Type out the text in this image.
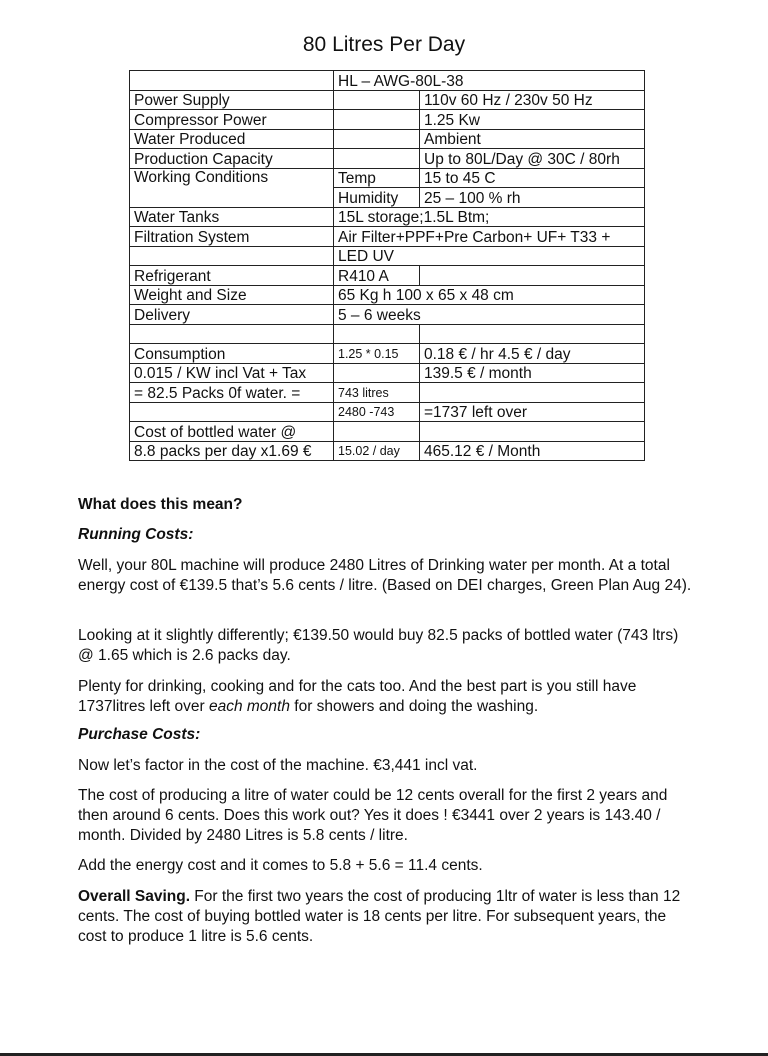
80 Litres Per Day
	HL – AWG-80L-38	
Power Supply		110v 60 Hz / 230v 50 Hz
Compressor Power		1.25 Kw
Water Produced		Ambient
Production Capacity		Up to 80L/Day @ 30C / 80rh
Working Conditions	Temp	15 to 45 C
	Humidity	25 – 100 % rh
Water Tanks	15L storage;1.5L Btm;	
Filtration System	Air Filter+PPF+Pre Carbon+ UF+ T33 +	
	LED UV	
Refrigerant	R410 A	
Weight and Size	65 Kg h 100 x 65 x 48 cm	
Delivery	5 – 6 weeks	

Consumption	1.25 * 0.15	0.18 € / hr 4.5 € / day
0.015 / KW incl Vat + Tax		139.5 € / month
= 82.5 Packs 0f water. =	743 litres	
	2480 -743	=1737 left over
Cost of bottled water @		
8.8 packs per day x1.69 €	15.02 / day	465.12 € / Month
What does this mean?
Running Costs:
Well, your 80L machine will produce 2480 Litres of Drinking water per month. At a total energy cost of €139.5 that’s 5.6 cents / litre. (Based on DEI charges, Green Plan Aug 24).
Looking at it slightly differently; €139.50 would buy 82.5 packs of bottled water (743 ltrs) @ 1.65 which is 2.6 packs day.
Plenty for drinking, cooking and for the cats too. And the best part is you still have 1737litres left over each month for showers and doing the washing.
Purchase Costs:
Now let’s factor in the cost of the machine. €3,441 incl vat.
The cost of producing a litre of water could be 12 cents overall for the first 2 years and then around 6 cents. Does this work out? Yes it does ! €3441 over 2 years is 143.40 / month. Divided by 2480 Litres is 5.8 cents / litre.
Add the energy cost and it comes to 5.8 + 5.6 = 11.4 cents.
Overall Saving. For the first two years the cost of producing 1ltr of water is less than 12 cents. The cost of buying bottled water is 18 cents per litre. For subsequent years, the cost to produce 1 litre is 5.6 cents.
